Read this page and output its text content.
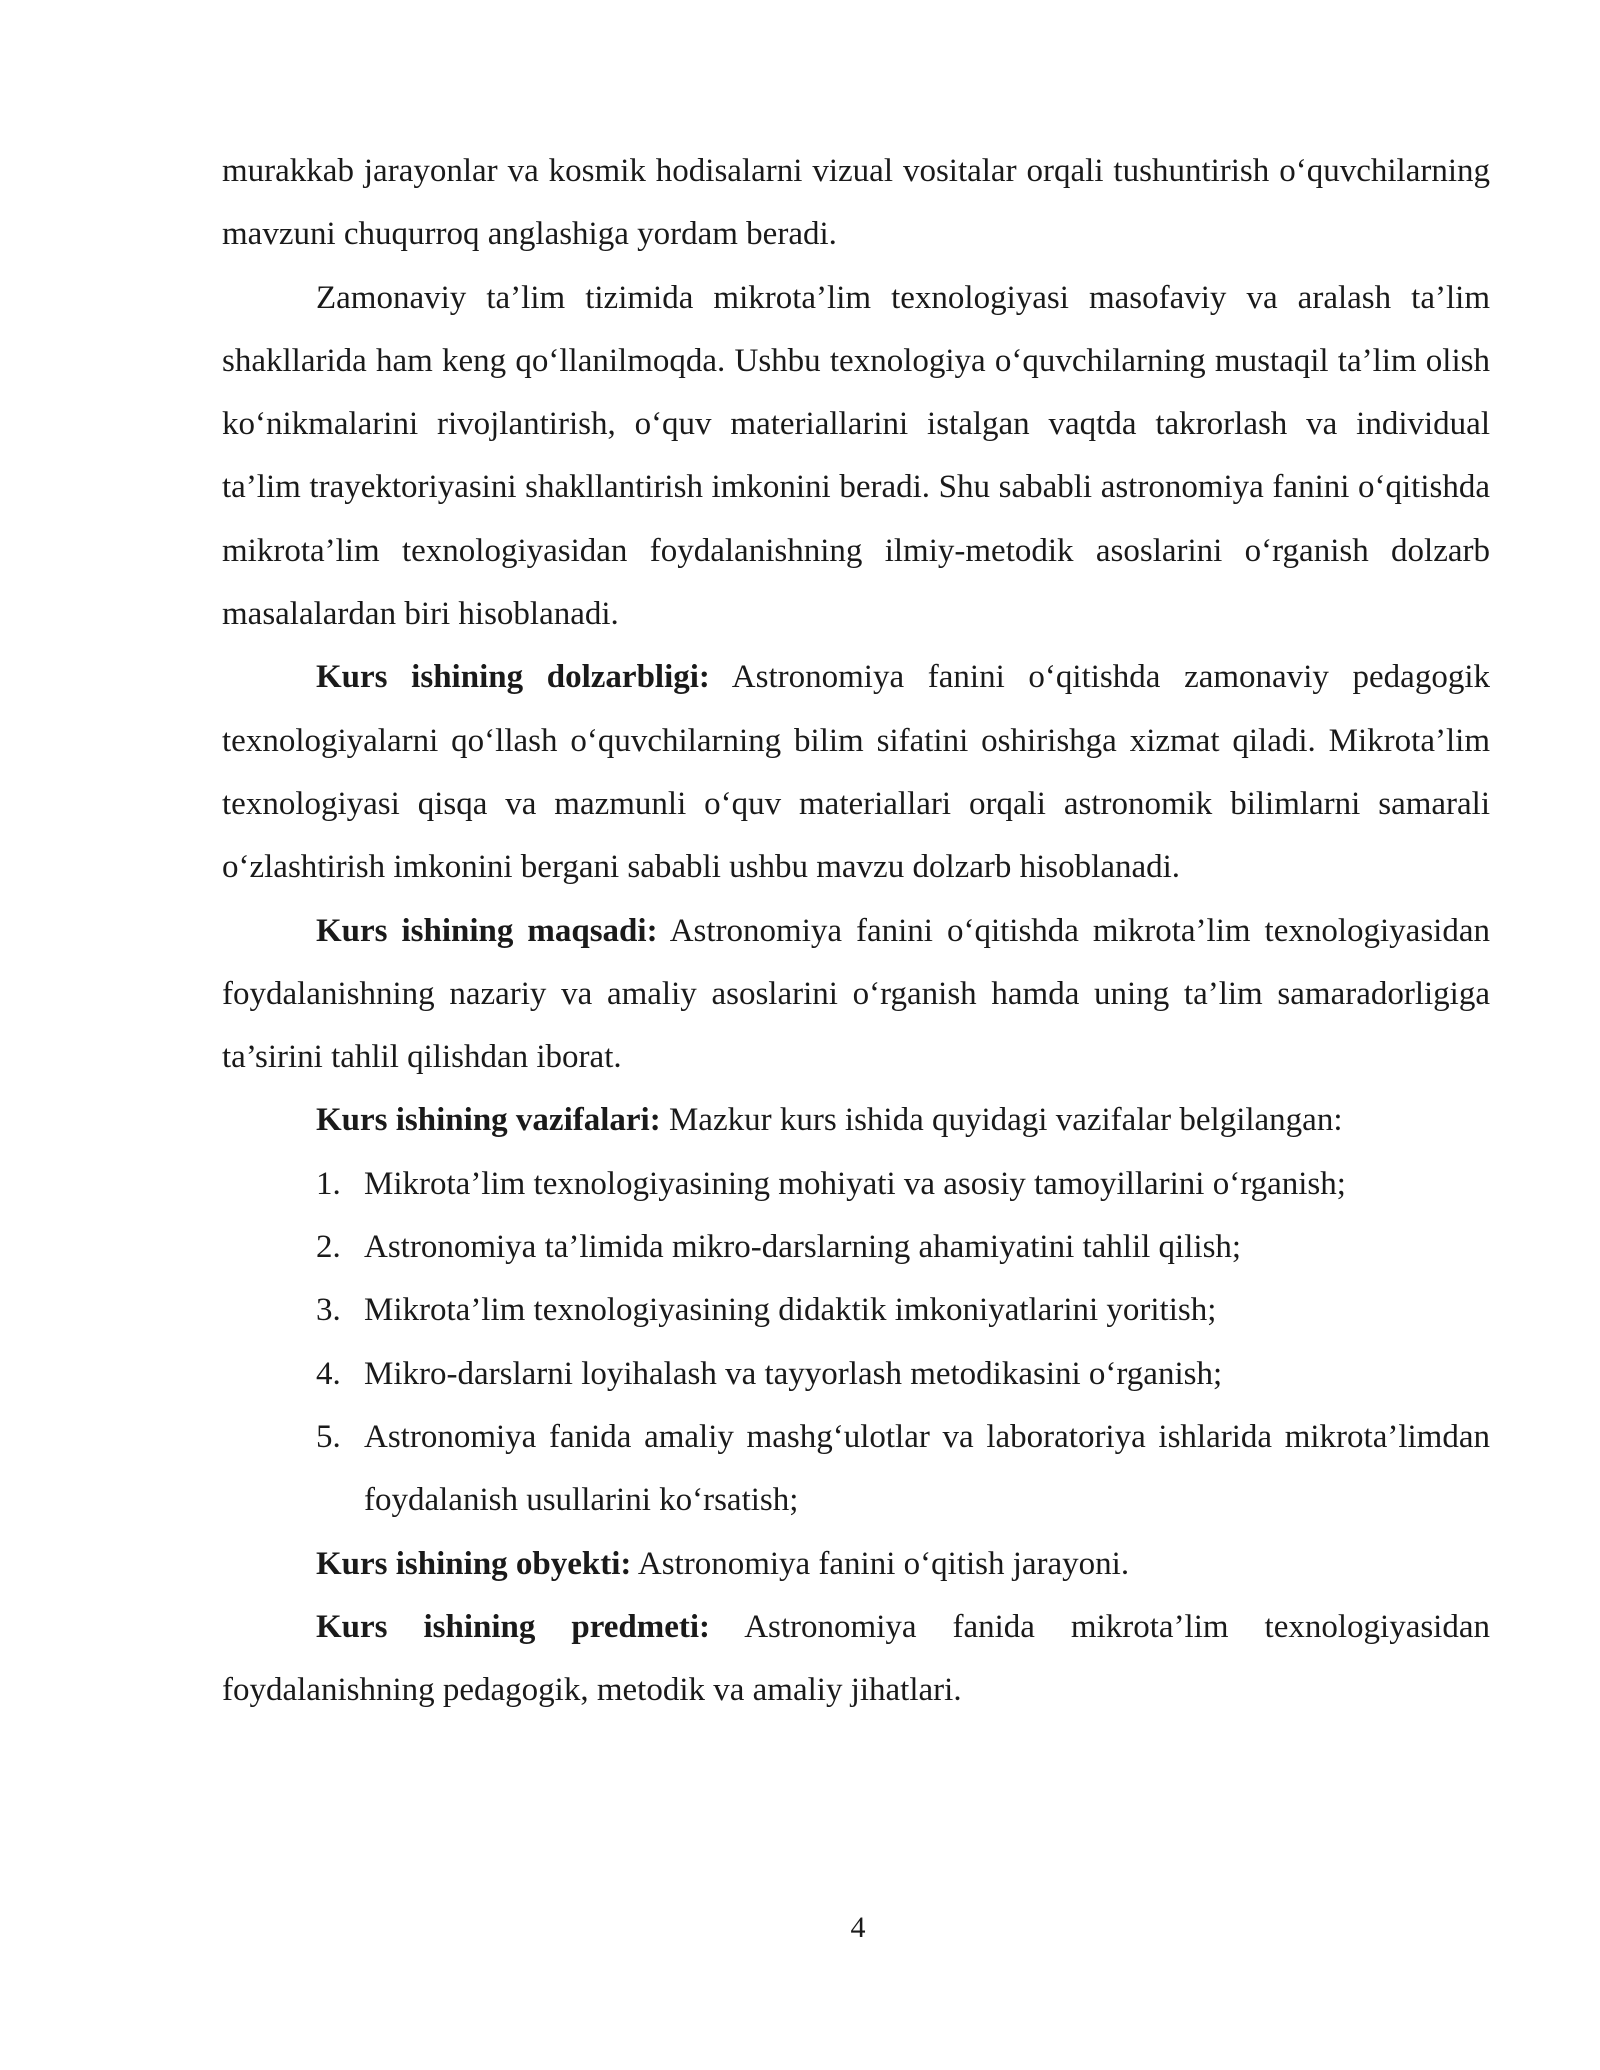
murakkab jarayonlar va kosmik hodisalarni vizual vositalar orqali tushuntirish o‘quvchilarning mavzuni chuqurroq anglashiga yordam beradi.

Zamonaviy ta’lim tizimida mikrota’lim texnologiyasi masofaviy va aralash ta’lim shakllarida ham keng qo‘llanilmoqda. Ushbu texnologiya o‘quvchilarning mustaqil ta’lim olish ko‘nikmalarini rivojlantirish, o‘quv materiallarini istalgan vaqtda takrorlash va individual ta’lim trayektoriyasini shakllantirish imkonini beradi. Shu sababli astronomiya fanini o‘qitishda mikrota’lim texnologiyasidan foydalanishning ilmiy-metodik asoslarini o‘rganish dolzarb masalalardan biri hisoblanadi.

Kurs ishining dolzarbligi: Astronomiya fanini o‘qitishda zamonaviy pedagogik texnologiyalarni qo‘llash o‘quvchilarning bilim sifatini oshirishga xizmat qiladi. Mikrota’lim texnologiyasi qisqa va mazmunli o‘quv materiallari orqali astronomik bilimlarni samarali o‘zlashtirish imkonini bergani sababli ushbu mavzu dolzarb hisoblanadi.

Kurs ishining maqsadi: Astronomiya fanini o‘qitishda mikrota’lim texnologiyasidan foydalanishning nazariy va amaliy asoslarini o‘rganish hamda uning ta’lim samaradorligiga ta’sirini tahlil qilishdan iborat.

Kurs ishining vazifalari: Mazkur kurs ishida quyidagi vazifalar belgilangan:

1. Mikrota’lim texnologiyasining mohiyati va asosiy tamoyillarini o‘rganish;
2. Astronomiya ta’limida mikro-darslarning ahamiyatini tahlil qilish;
3. Mikrota’lim texnologiyasining didaktik imkoniyatlarini yoritish;
4. Mikro-darslarni loyihalash va tayyorlash metodikasini o‘rganish;
5. Astronomiya fanida amaliy mashg‘ulotlar va laboratoriya ishlarida mikrota’limdan foydalanish usullarini ko‘rsatish;

Kurs ishining obyekti: Astronomiya fanini o‘qitish jarayoni.

Kurs ishining predmeti: Astronomiya fanida mikrota’lim texnologiyasidan foydalanishning pedagogik, metodik va amaliy jihatlari.

4
